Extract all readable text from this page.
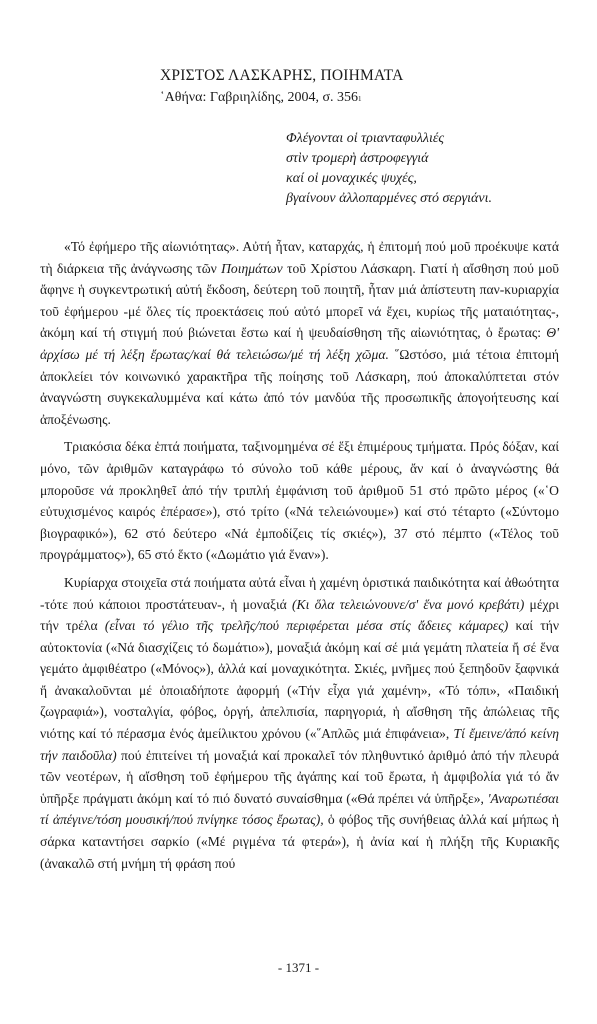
ΧΡΙΣΤΟΣ ΛΑΣΚΑΡΗΣ, ΠΟΙΗΜΑΤΑ
῾Αθήνα: Γαβριηλίδης, 2004, σ. $356^1$
Φλέγονται οἱ τριανταφυλλιές
στὶν τρομερὴ ἀστροφεγγιά
καί οἱ μοναχικές ψυχές,
βγαίνουν ἀλλοπαρμένες στό σεργιάνι.

«Τό ἐφήμερο τῆς αἰωνιότητας». Αὐτή ἦταν, καταρχάς, ἡ ἐπιτομή πού μοῦ προέκυψε κατά τὴ διάρκεια τῆς ἀνάγνωσης τῶν Ποιημάτων τοῦ Χρίστου Λάσκαρη. Γιατί ἡ αἴσθηση πού μοῦ ἄφηνε ἡ συγκεντρωτική αὐτή ἔκδοση, δεύτερη τοῦ ποιητῆ, ἦταν μιά ἀπίστευτη παν-κυριαρχία τοῦ ἐφήμερου -μέ ὅλες τίς προεκτάσεις πού αὐτό μπορεῖ νά ἔχει, κυρίως τῆς ματαιότητας-, ἀκόμη καί τή στιγμή πού βιώνεται ἔστω καί ἡ ψευδαίσθηση τῆς αἰωνιότητας, ὁ ἔρωτας: Θ' ἀρχίσω μέ τή λέξη ἔρωτας/καί θά τελειώσω/μέ τή λέξη χῶμα. ῞Ωστόσο, μιά τέτοια ἐπιτομή ἀποκλείει τόν κοινωνικό χαρακτῆρα τῆς ποίησης τοῦ Λάσκαρη, πού ἀποκαλύπτεται στόν ἀναγνώστη συγκεκαλυμμένα καί κάτω ἀπό τόν μανδύα τῆς προσωπικῆς ἀπογοήτευσης καί ἀποξένωσης.

Τριακόσια δέκα ἑπτά ποιήματα, ταξινομημένα σέ ἕξι ἐπιμέρους τμήματα. Πρός δόξαν, καί μόνο, τῶν ἀριθμῶν καταγράφω τό σύνολο τοῦ κάθε μέρους, ἄν καί ὁ ἀναγνώστης θά μποροῦσε νά προκληθεῖ ἀπό τήν τριπλή ἐμφάνιση τοῦ ἀριθμοῦ 51 στό πρῶτο μέρος («῾Ο εὐτυχισμένος καιρός ἐπέρασε»), στό τρίτο («Νά τελειώνουμε») καί στό τέταρτο («Σύντομο βιογραφικό»), 62 στό δεύτερο «Νά ἐμποδίζεις τίς σκιές»), 37 στό πέμπτο («Τέλος τοῦ προγράμματος»), 65 στό ἕκτο («Δωμάτιο γιά ἕναν»).

Κυρίαρχα στοιχεῖα στά ποιήματα αὐτά εἶναι ἡ χαμένη ὁριστικά παιδικότητα καί ἀθωότητα -τότε πού κάποιοι προστάτευαν-, ἡ μοναξιά (Κι ὅλα τελειώνουνε/σ' ἕνα μονό κρεβάτι) μέχρι τήν τρέλα (εἶναι τό γέλιο τῆς τρελῆς/πού περιφέρεται μέσα στίς ἄδειες κάμαρες) καί τήν αὐτοκτονία («Νά διασχίζεις τό δωμάτιο»), μοναξιά ἀκόμη καί σέ μιά γεμάτη πλατεία ἤ σέ ἕνα γεμάτο ἀμφιθέατρο («Μόνος»), ἀλλά καί μοναχικότητα. Σκιές, μνῆμες πού ξεπηδοῦν ξαφνικά ἤ ἀνακαλοῦνται μέ ὁποιαδήποτε ἀφορμή («Τήν εἶχα γιά χαμένη», «Τό τόπι», «Παιδική ζωγραφιά»), νοσταλγία, φόβος, ὀργή, ἀπελπισία, παρηγοριά, ἡ αἴσθηση τῆς ἀπώλειας τῆς νιότης καί τό πέρασμα ἑνός ἀμείλικτου χρόνου («῞Απλῶς μιά ἐπιφάνεια», Τί ἔμεινε/ἀπό κείνη τήν παιδοῦλα) πού ἐπιτείνει τή μοναξιά καί προκαλεῖ τόν πληθυντικό ἀριθμό ἀπό τήν πλευρά τῶν νεοτέρων, ἡ αἴσθηση τοῦ ἐφήμερου τῆς ἀγάπης καί τοῦ ἔρωτα, ἡ ἀμφιβολία γιά τό ἄν ὑπῆρξε πράγματι ἀκόμη καί τό πιό δυνατό συναίσθημα («Θά πρέπει νά ὑπῆρξε», 'Αναρωτιέσαι τί ἀπέγινε/τόση μουσική/πού πνίγηκε τόσος ἔρωτας), ὁ φόβος τῆς συνήθειας ἀλλά καί μήπως ἡ σάρκα καταντήσει σαρκίο («Μέ ριγμένα τά φτερά»), ἡ ἀνία καί ἡ πλήξη τῆς Κυριακῆς (ἀνακαλῶ στή μνήμη τή φράση πού

- 1371 -
